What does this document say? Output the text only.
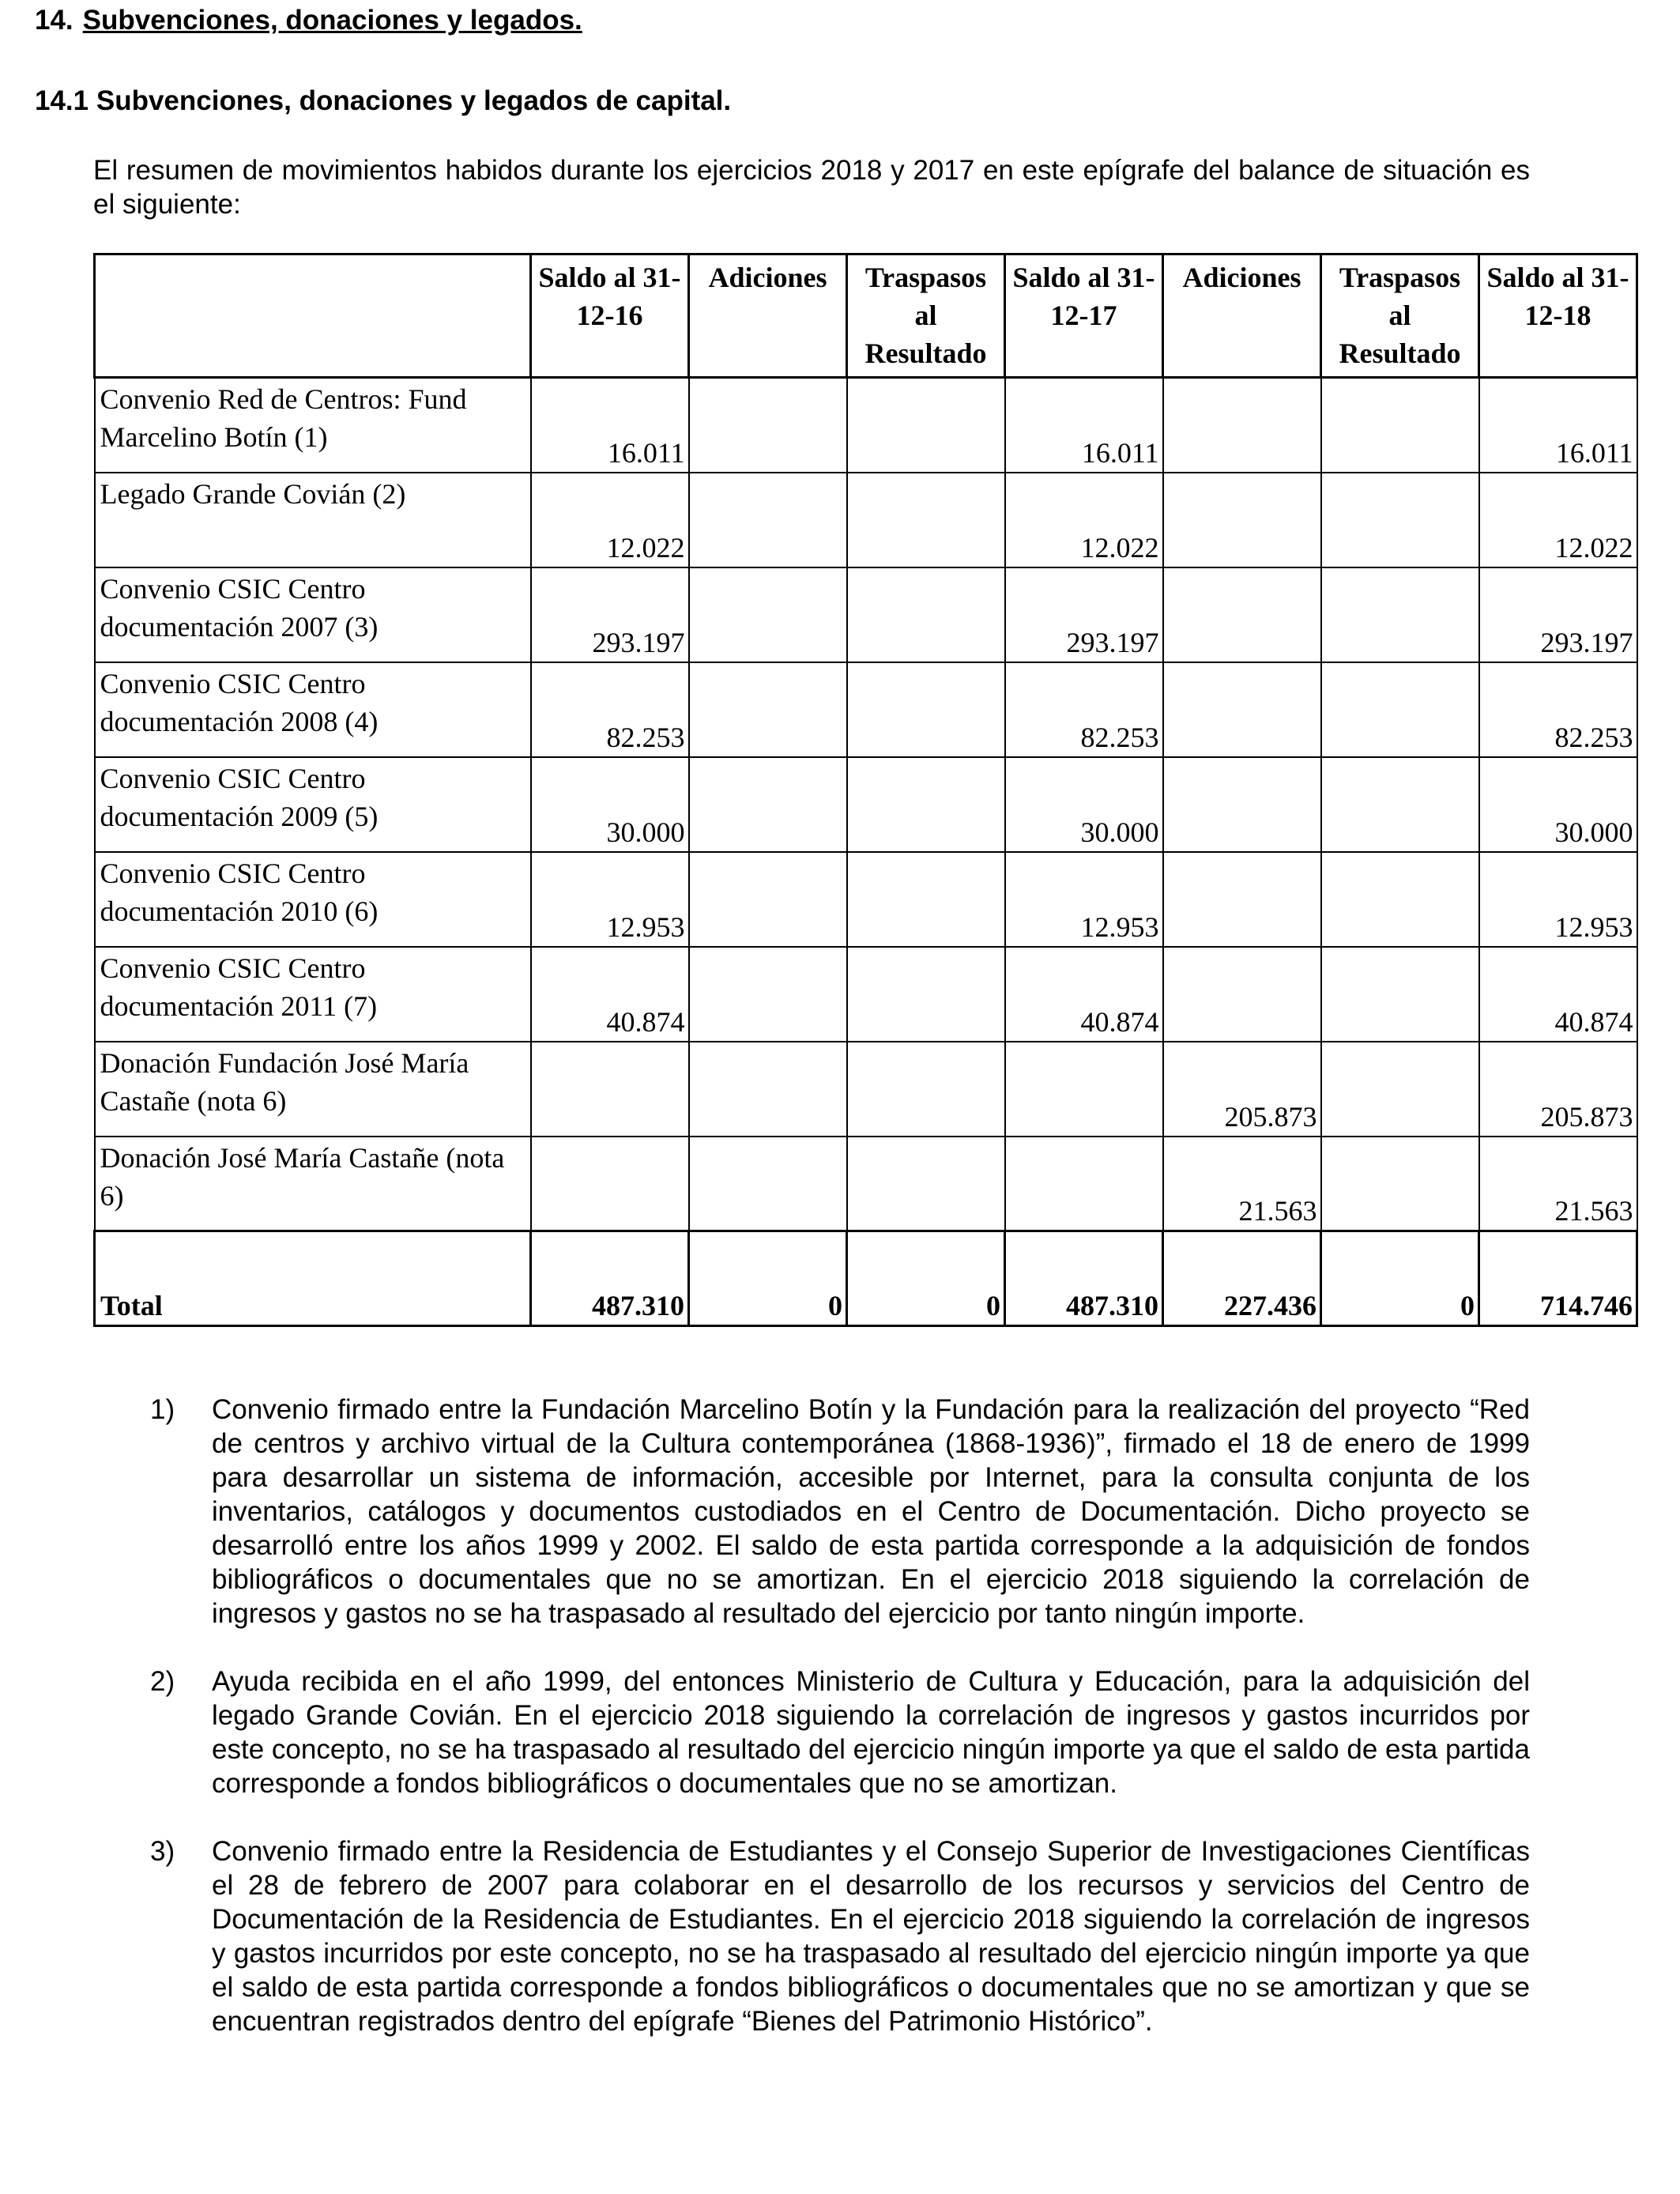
14. Subvenciones, donaciones y legados.
14.1 Subvenciones, donaciones y legados de capital.
El resumen de movimientos habidos durante los ejercicios 2018 y 2017 en este epígrafe del balance de situación es el siguiente:
	Saldo al 31-12-16	Adiciones	Traspasos al Resultado	Saldo al 31-12-17	Adiciones	Traspasos al Resultado	Saldo al 31-12-18
Convenio Red de Centros: Fund Marcelino Botín (1)	16.011			16.011			16.011
Legado Grande Covián (2)	12.022			12.022			12.022
Convenio CSIC Centro documentación 2007 (3)	293.197			293.197			293.197
Convenio CSIC Centro documentación 2008 (4)	82.253			82.253			82.253
Convenio CSIC Centro documentación 2009 (5)	30.000			30.000			30.000
Convenio CSIC Centro documentación 2010 (6)	12.953			12.953			12.953
Convenio CSIC Centro documentación 2011 (7)	40.874			40.874			40.874
Donación Fundación José María Castañe (nota 6)					205.873		205.873
Donación José María Castañe (nota 6)					21.563		21.563
Total	487.310	0	0	487.310	227.436	0	714.746
1) Convenio firmado entre la Fundación Marcelino Botín y la Fundación para la realización del proyecto “Red de centros y archivo virtual de la Cultura contemporánea (1868-1936)”, firmado el 18 de enero de 1999 para desarrollar un sistema de información, accesible por Internet, para la consulta conjunta de los inventarios, catálogos y documentos custodiados en el Centro de Documentación. Dicho proyecto se desarrolló entre los años 1999 y 2002. El saldo de esta partida corresponde a la adquisición de fondos bibliográficos o documentales que no se amortizan. En el ejercicio 2018 siguiendo la correlación de ingresos y gastos no se ha traspasado al resultado del ejercicio por tanto ningún importe.
2) Ayuda recibida en el año 1999, del entonces Ministerio de Cultura y Educación, para la adquisición del legado Grande Covián. En el ejercicio 2018 siguiendo la correlación de ingresos y gastos incurridos por este concepto, no se ha traspasado al resultado del ejercicio ningún importe ya que el saldo de esta partida corresponde a fondos bibliográficos o documentales que no se amortizan.
3) Convenio firmado entre la Residencia de Estudiantes y el Consejo Superior de Investigaciones Científicas el 28 de febrero de 2007 para colaborar en el desarrollo de los recursos y servicios del Centro de Documentación de la Residencia de Estudiantes. En el ejercicio 2018 siguiendo la correlación de ingresos y gastos incurridos por este concepto, no se ha traspasado al resultado del ejercicio ningún importe ya que el saldo de esta partida corresponde a fondos bibliográficos o documentales que no se amortizan y que se encuentran registrados dentro del epígrafe “Bienes del Patrimonio Histórico”.
